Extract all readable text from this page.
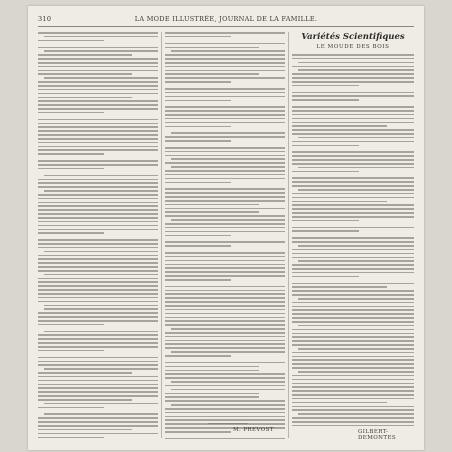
310	LA MODE ILLUSTRÉE, JOURNAL DE LA FAMILLE.
Variétés Scientifiques
LE MOUDE DES BOIS
M. PREVOST	GILBERT-DEMONTES
